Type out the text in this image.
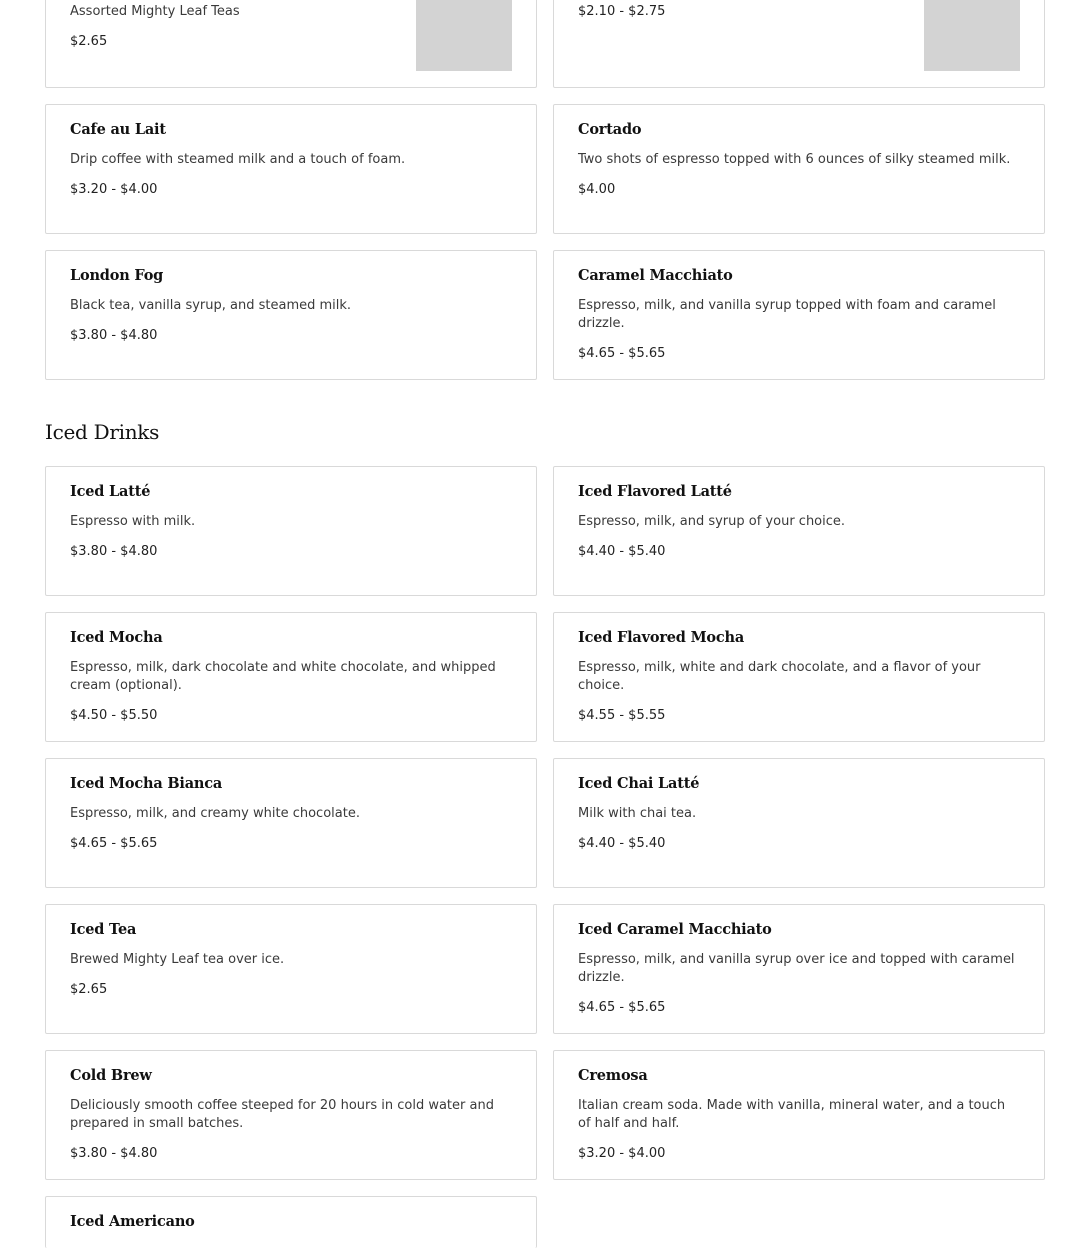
Assorted Mighty Leaf Teas
$2.65
$2.10 - $2.75
Cafe au Lait
Drip coffee with steamed milk and a touch of foam.
$3.20 - $4.00
Cortado
Two shots of espresso topped with 6 ounces of silky steamed milk.
$4.00
London Fog
Black tea, vanilla syrup, and steamed milk.
$3.80 - $4.80
Caramel Macchiato
Espresso, milk, and vanilla syrup topped with foam and caramel drizzle.
$4.65 - $5.65
Iced Drinks
Iced Latté
Espresso with milk.
$3.80 - $4.80
Iced Flavored Latté
Espresso, milk, and syrup of your choice.
$4.40 - $5.40
Iced Mocha
Espresso, milk, dark chocolate and white chocolate, and whipped cream (optional).
$4.50 - $5.50
Iced Flavored Mocha
Espresso, milk, white and dark chocolate, and a flavor of your choice.
$4.55 - $5.55
Iced Mocha Bianca
Espresso, milk, and creamy white chocolate.
$4.65 - $5.65
Iced Chai Latté
Milk with chai tea.
$4.40 - $5.40
Iced Tea
Brewed Mighty Leaf tea over ice.
$2.65
Iced Caramel Macchiato
Espresso, milk, and vanilla syrup over ice and topped with caramel drizzle.
$4.65 - $5.65
Cold Brew
Deliciously smooth coffee steeped for 20 hours in cold water and prepared in small batches.
$3.80 - $4.80
Cremosa
Italian cream soda. Made with vanilla, mineral water, and a touch of half and half.
$3.20 - $4.00
Iced Americano
